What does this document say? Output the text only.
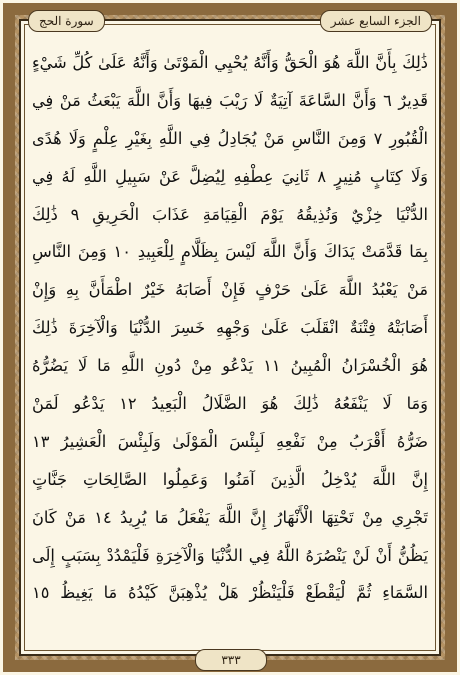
الجزء السابع عشر
سورة الحج
ذَٰلِكَ بِأَنَّ اللَّهَ هُوَ الْحَقُّ وَأَنَّهُ يُحْيِي الْمَوْتَىٰ وَأَنَّهُ عَلَىٰ كُلِّ شَيْءٍ
قَدِيرٌ ٦ وَأَنَّ السَّاعَةَ آتِيَةٌ لَا رَيْبَ فِيهَا وَأَنَّ اللَّهَ يَبْعَثُ مَنْ فِي
الْقُبُورِ ٧ وَمِنَ النَّاسِ مَنْ يُجَادِلُ فِي اللَّهِ بِغَيْرِ عِلْمٍ وَلَا هُدًى
وَلَا كِتَابٍ مُنِيرٍ ٨ ثَانِيَ عِطْفِهِ لِيُضِلَّ عَنْ سَبِيلِ اللَّهِ لَهُ فِي
الدُّنْيَا خِزْيٌ وَنُذِيقُهُ يَوْمَ الْقِيَامَةِ عَذَابَ الْحَرِيقِ ٩ ذَٰلِكَ
بِمَا قَدَّمَتْ يَدَاكَ وَأَنَّ اللَّهَ لَيْسَ بِظَلَّامٍ لِلْعَبِيدِ ١٠ وَمِنَ النَّاسِ
مَنْ يَعْبُدُ اللَّهَ عَلَىٰ حَرْفٍ فَإِنْ أَصَابَهُ خَيْرٌ اطْمَأَنَّ بِهِ وَإِنْ
أَصَابَتْهُ فِتْنَةٌ انْقَلَبَ عَلَىٰ وَجْهِهِ خَسِرَ الدُّنْيَا وَالْآخِرَةَ ذَٰلِكَ
هُوَ الْخُسْرَانُ الْمُبِينُ ١١ يَدْعُو مِنْ دُونِ اللَّهِ مَا لَا يَضُرُّهُ
وَمَا لَا يَنْفَعُهُ ذَٰلِكَ هُوَ الضَّلَالُ الْبَعِيدُ ١٢ يَدْعُو لَمَنْ
ضَرُّهُ أَقْرَبُ مِنْ نَفْعِهِ لَبِئْسَ الْمَوْلَىٰ وَلَبِئْسَ الْعَشِيرُ ١٣
إِنَّ اللَّهَ يُدْخِلُ الَّذِينَ آمَنُوا وَعَمِلُوا الصَّالِحَاتِ جَنَّاتٍ
تَجْرِي مِنْ تَحْتِهَا الْأَنْهَارُ إِنَّ اللَّهَ يَفْعَلُ مَا يُرِيدُ ١٤ مَنْ كَانَ
يَظُنُّ أَنْ لَنْ يَنْصُرَهُ اللَّهُ فِي الدُّنْيَا وَالْآخِرَةِ فَلْيَمْدُدْ بِسَبَبٍ إِلَى
السَّمَاءِ ثُمَّ لْيَقْطَعْ فَلْيَنْظُرْ هَلْ يُذْهِبَنَّ كَيْدُهُ مَا يَغِيظُ ١٥
٣٣٣
